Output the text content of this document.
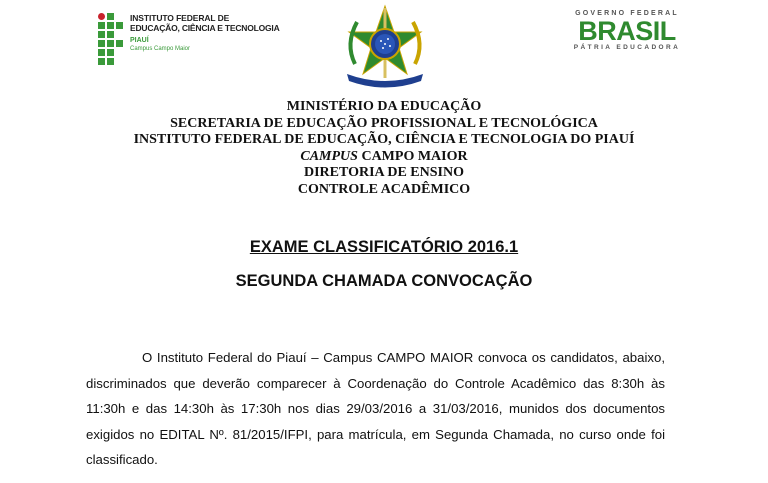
INSTITUTO FEDERAL DE
EDUCAÇÃO, CIÊNCIA E TECNOLOGIA
PIAUÍ
Campus Campo Maior
GOVERNO FEDERAL
BRASIL
PÁTRIA EDUCADORA
MINISTÉRIO DA EDUCAÇÃO
SECRETARIA DE EDUCAÇÃO PROFISSIONAL E TECNOLÓGICA
INSTITUTO FEDERAL DE EDUCAÇÃO, CIÊNCIA E TECNOLOGIA DO PIAUÍ
CAMPUS CAMPO MAIOR
DIRETORIA DE ENSINO
CONTROLE ACADÊMICO
EXAME CLASSIFICATÓRIO 2016.1
SEGUNDA CHAMADA CONVOCAÇÃO
O Instituto Federal do Piauí – Campus CAMPO MAIOR convoca os candidatos, abaixo, discriminados que deverão comparecer à Coordenação do Controle Acadêmico das 8:30h às 11:30h e das 14:30h às 17:30h nos dias 29/03/2016 a 31/03/2016, munidos dos documentos exigidos no EDITAL Nº. 81/2015/IFPI, para matrícula, em Segunda Chamada, no curso onde foi classificado.
